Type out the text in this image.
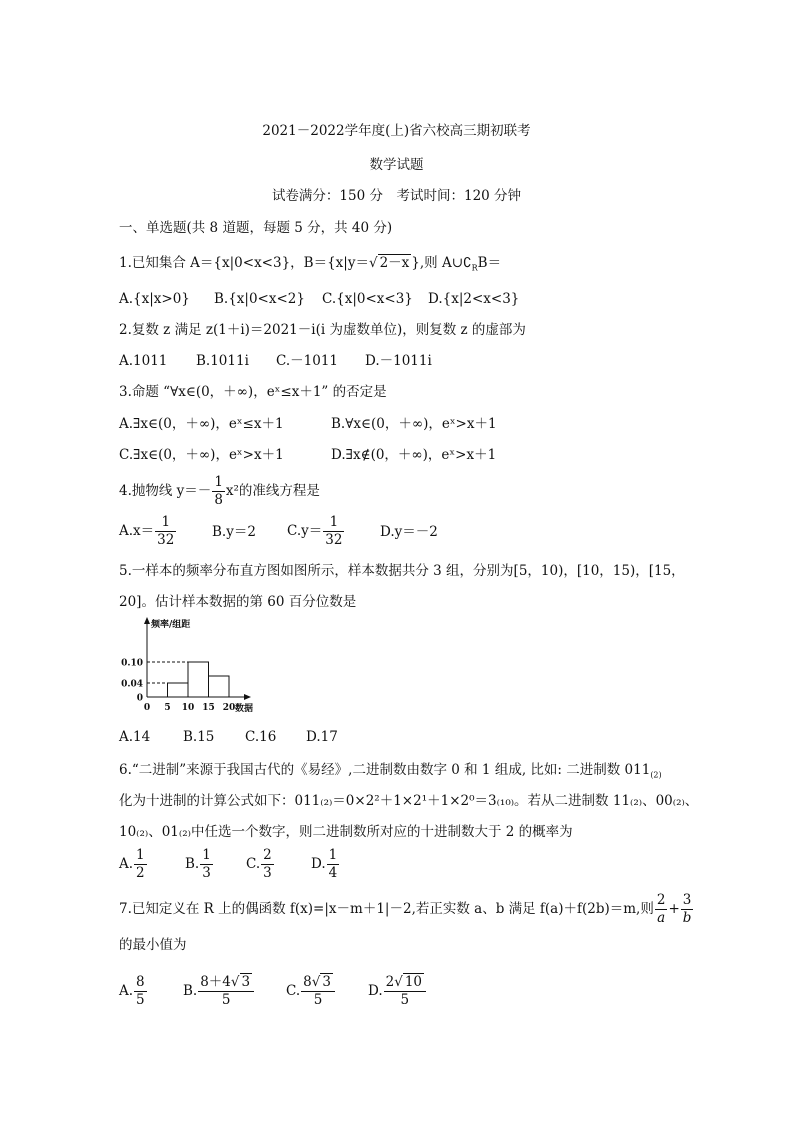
2021－2022学年度(上)省六校高三期初联考
数学试题
试卷满分：150 分　考试时间：120 分钟
一、单选题(共 8 道题，每题 5 分，共 40 分)
1.已知集合 A＝{x|0<x<3}，B＝{x|y＝√ 2－x },则 $A\cup∁_RB=$
A.{x|x>0} B.{x|0<x<2} C.{x|0<x<3} D.{x|2<x<3}
2.复数 z 满足 z(1＋i)＝2021－i(i 为虚数单位)，则复数 z 的虚部为
A.1011 B.1011i C.－1011 D.－1011i
3.命题 “∀x∈(0，＋∞)，eˣ≤x＋1” 的否定是
A.∃x∈(0，＋∞)，eˣ≤x＋1	B.∀x∈(0，＋∞)，eˣ>x＋1
C.∃x∈(0，＋∞)，eˣ>x＋1	D.∃x∉(0，＋∞)，eˣ>x＋1
4.抛物线 $y=- \frac{1}{8} x^2$的准线方程是
$A.x= \frac{1}{32}$	B.y＝2 $C.y= \frac{1}{32}$	D.y＝－2
5.一样本的频率分布直方图如图所示，样本数据共分 3 组，分别为[5，10)，[10，15)，[15，
20]。估计样本数据的第 60 百分位数是
0
0.04
0.10
0 5 10 15 20
频率/组距
数据
A.14 B.15 C.16 D.17
6.“二进制”来源于我国古代的《易经》,二进制数由数字 0 和 1 组成, 比如: 二进制数 $011_{(2)}$
化为十进制的计算公式如下：011₍₂₎＝0×2²＋1×2¹＋1×2⁰＝3₍₁₀₎。若从二进制数 11₍₂₎、00₍₂₎、
10₍₂₎、01₍₂₎中任选一个数字，则二进制数所对应的十进制数大于 2 的概率为
A. $\frac{1}{2}$	B. $\frac{1}{3} C$. $\frac{2}{3}$	D. $\frac{1}{4}$
7.已知定义在 R 上的偶函数 f(x)=|x－m＋1|－2,若正实数 a、b 满足 f(a)＋f(2b)＝m,则 $\frac{2}{a} + \frac{3}{b}$
的最小值为
A. $\frac{8}{5}$	B. $\frac{8+4√ 3}{5} C$. $\frac{8√ 3}{5} D$. $\frac{2√ 10}{5}$
